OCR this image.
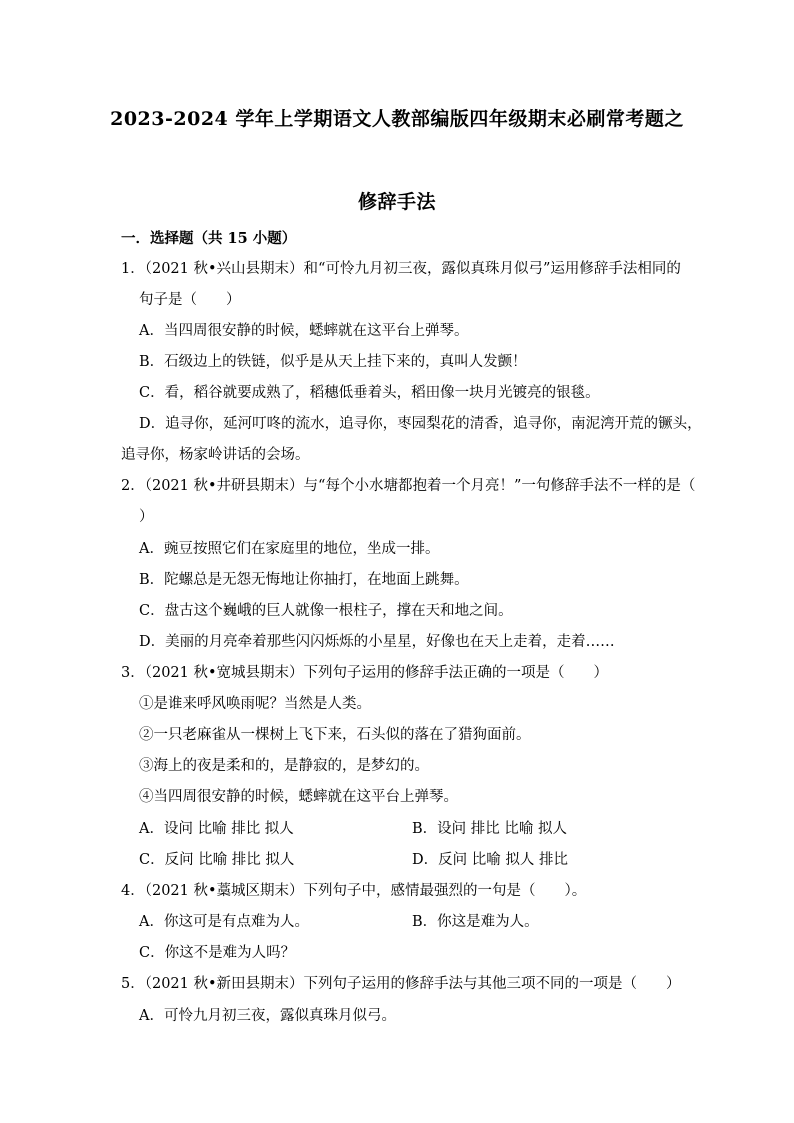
2023-2024 学年上学期语文人教部编版四年级期末必刷常考题之
修辞手法
一．选择题（共 15 小题）
1．（2021 秋•兴山县期末）和“可怜九月初三夜，露似真珠月似弓”运用修辞手法相同的
句子是（　　）
A．当四周很安静的时候，蟋蟀就在这平台上弹琴。
B．石级边上的铁链，似乎是从天上挂下来的，真叫人发颤！
C．看，稻谷就要成熟了，稻穗低垂着头，稻田像一块月光镀亮的银毯。
D．追寻你，延河叮咚的流水，追寻你，枣园梨花的清香，追寻你，南泥湾开荒的镢头，
追寻你，杨家岭讲话的会场。
2．（2021 秋•井研县期末）与“每个小水塘都抱着一个月亮！”一句修辞手法不一样的是（
）
A．豌豆按照它们在家庭里的地位，坐成一排。
B．陀螺总是无怨无悔地让你抽打，在地面上跳舞。
C．盘古这个巍峨的巨人就像一根柱子，撑在天和地之间。
D．美丽的月亮牵着那些闪闪烁烁的小星星，好像也在天上走着，走着……
3．（2021 秋•宽城县期末）下列句子运用的修辞手法正确的一项是（　　）
①是谁来呼风唤雨呢？当然是人类。
②一只老麻雀从一棵树上飞下来，石头似的落在了猎狗面前。
③海上的夜是柔和的，是静寂的，是梦幻的。
④当四周很安静的时候，蟋蟀就在这平台上弹琴。
A．设问 比喻 排比 拟人	B．设问 排比 比喻 拟人
C．反问 比喻 排比 拟人	D．反问 比喻 拟人 排比
4．（2021 秋•藁城区期末）下列句子中，感情最强烈的一句是（　　）。
A．你这可是有点难为人。	B．你这是难为人。
C．你这不是难为人吗？
5．（2021 秋•新田县期末）下列句子运用的修辞手法与其他三项不同的一项是（　　）
A．可怜九月初三夜，露似真珠月似弓。
